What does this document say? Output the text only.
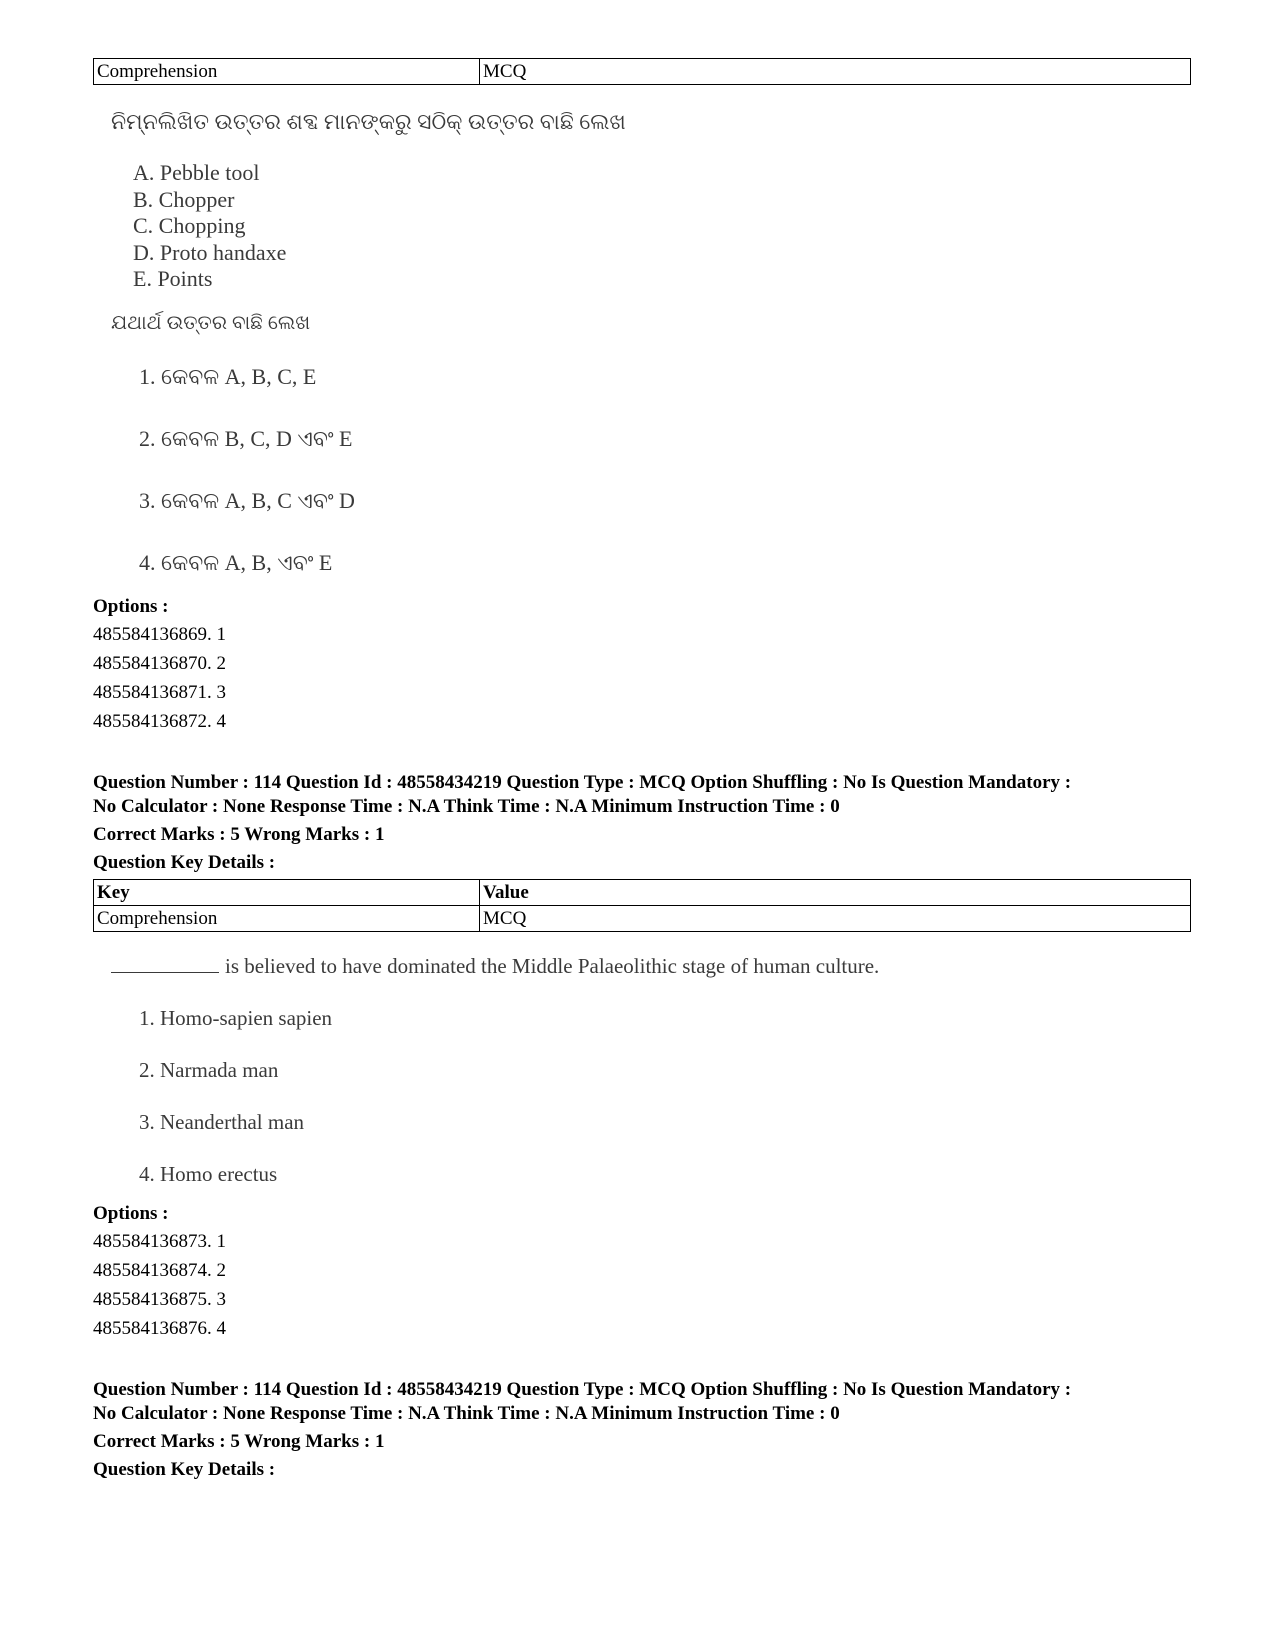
Comprehension	MCQ
ନିମ୍ନଲିଖିତ ଉତ୍ତର ଶବ୍ଦ ମାନଙ୍କରୁ ସଠିକ୍ ଉତ୍ତର ବାଛି ଲେଖ
A. Pebble tool
B. Chopper
C. Chopping
D. Proto handaxe
E. Points
ଯଥାର୍ଥ ଉତ୍ତର ବାଛି ଲେଖ
1. କେବଳ A, B, C, E
2. କେବଳ B, C, D ଏବଂ E
3. କେବଳ A, B, C ଏବଂ D
4. କେବଳ A, B, ଏବଂ E
Options :
485584136869. 1
485584136870. 2
485584136871. 3
485584136872. 4
Question Number : 114 Question Id : 48558434219 Question Type : MCQ Option Shuffling : No Is Question Mandatory :
No Calculator : None Response Time : N.A Think Time : N.A Minimum Instruction Time : 0
Correct Marks : 5 Wrong Marks : 1
Question Key Details :
Key	Value
Comprehension	MCQ
is believed to have dominated the Middle Palaeolithic stage of human culture.
1. Homo-sapien sapien
2. Narmada man
3. Neanderthal man
4. Homo erectus
Options :
485584136873. 1
485584136874. 2
485584136875. 3
485584136876. 4
Question Number : 114 Question Id : 48558434219 Question Type : MCQ Option Shuffling : No Is Question Mandatory :
No Calculator : None Response Time : N.A Think Time : N.A Minimum Instruction Time : 0
Correct Marks : 5 Wrong Marks : 1
Question Key Details :
